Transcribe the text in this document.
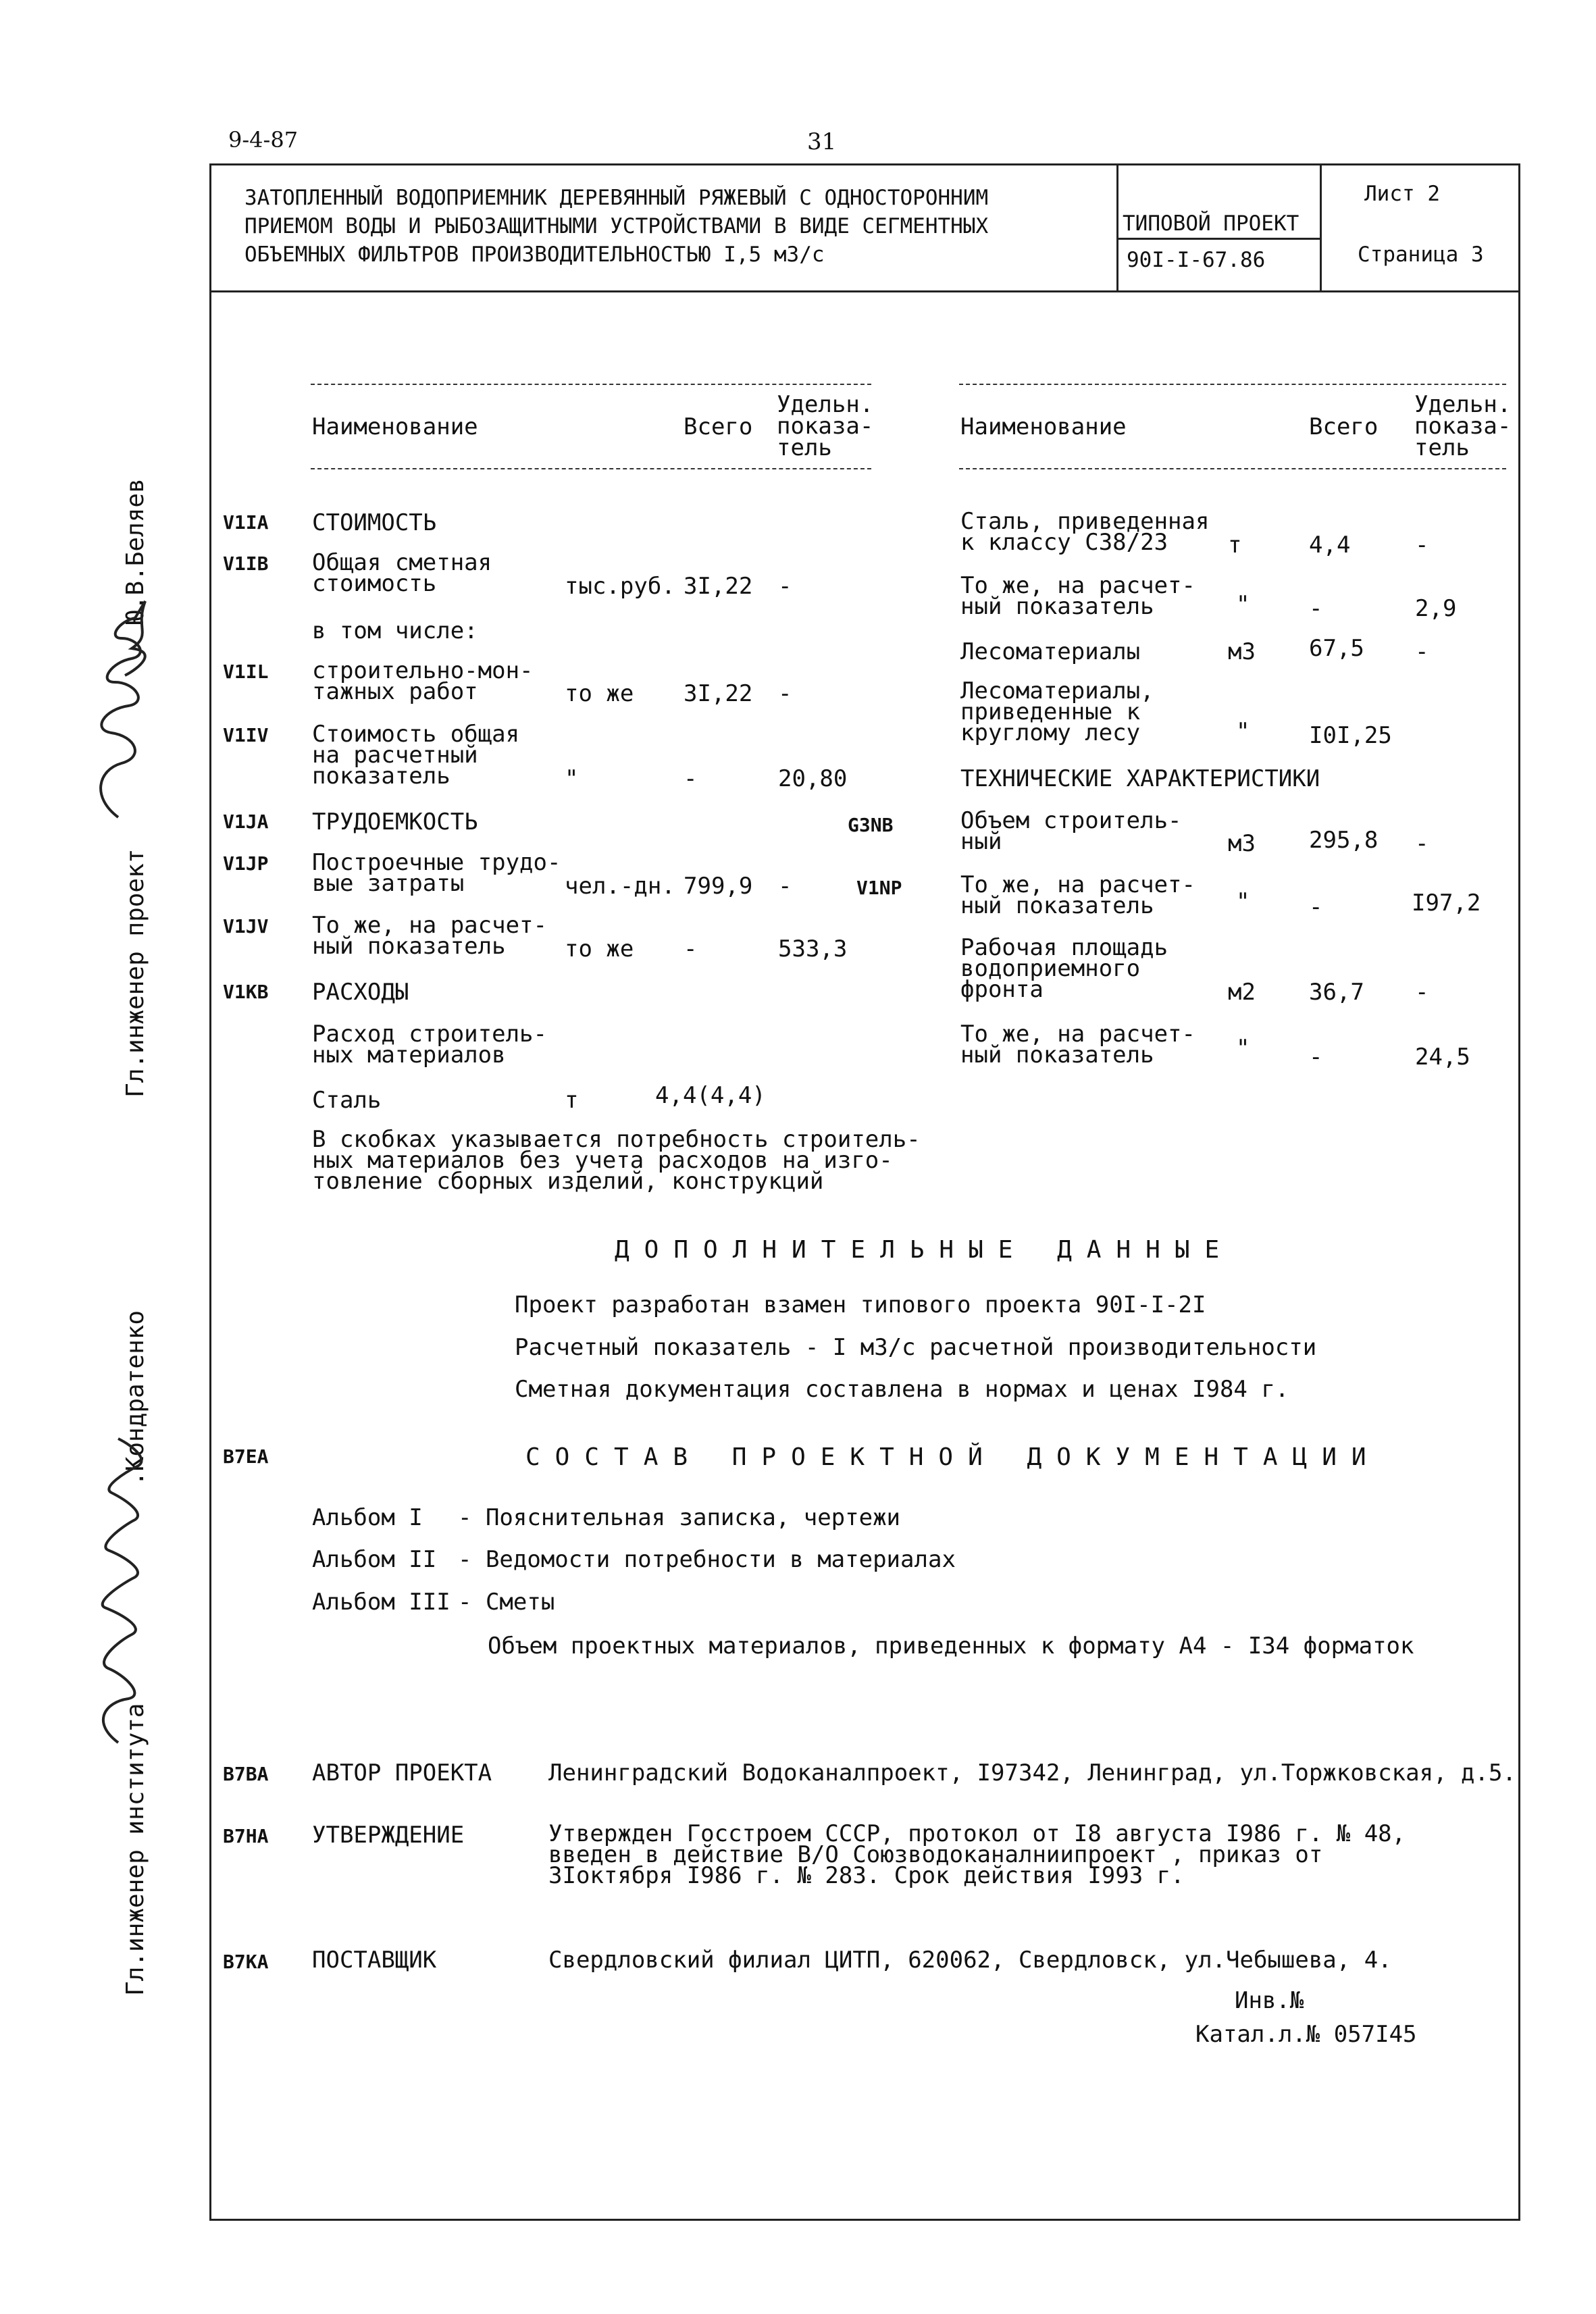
9-4-87	31
ЗАТОПЛЕННЫЙ ВОДОПРИЕМНИК ДЕРЕВЯННЫЙ РЯЖЕВЫЙ С ОДНОСТОРОННИМ
ПРИЕМОМ ВОДЫ И РЫБОЗАЩИТНЫМИ УСТРОЙСТВАМИ В ВИДЕ СЕГМЕНТНЫХ
ОБЪЕМНЫХ ФИЛЬТРОВ ПРОИЗВОДИТЕЛЬНОСТЬЮ I,5 м3/с
ТИПОВОЙ ПРОЕКТ
90I-I-67.86
Лист 2
Страница 3
Гл.инженер проект
Ю.В.Беляев
Гл.инженер института
.Кондратенко
Наименование	Всего
Удельн.
показа-
тель
Наименование	Всего
Удельн.
показа-
тель
V1IA СТОИМОСТЬ
V1IB Общая сметная
стоимость	тыс.руб. 3I,22 -
в том числе:
V1IL строительно-мон-
тажных работ	то же 3I,22 -
V1IV Стоимость общая
на расчетный
показатель	"	-	20,80
V1JA ТРУДОЕМКОСТЬ
V1JP Построечные трудо-
вые затраты	чел.-дн. 799,9 -
V1JV То же, на расчет-
ный показатель	то же -	533,3
V1KB РАСХОДЫ
Расход строитель-
ных материалов
Сталь	т	4,4(4,4)
В скобках указывается потребность строитель-
ных материалов без учета расходов на изго-
товление сборных изделий, конструкций
G3NB
V1NP
Сталь, приведенная
к классу С38/23	т	4,4	-
То же, на расчет-
ный показатель	"	-	2,9
Лесоматериалы	м3 67,5 -
Лесоматериалы,
приведенные к
круглому лесу	"	I0I,25
ТЕХНИЧЕСКИЕ ХАРАКТЕРИСТИКИ
Объем строитель-
ный	м3 295,8 -
То же, на расчет-
ный показатель	"	-	I97,2
Рабочая площадь
водоприемного
фронта	м2 36,7 -
То же, на расчет-
ный показатель	"	-	24,5
ДОПОЛНИТЕЛЬНЫЕ ДАННЫЕ
Проект разработан взамен типового проекта 90I-I-2I
Расчетный показатель - I м3/с расчетной производительности
Сметная документация составлена в нормах и ценах I984 г.
B7ЕА	СОСТАВ ПРОЕКТНОЙ ДОКУМЕНТАЦИИ
Альбом I - Пояснительная записка, чертежи
Альбом II - Ведомости потребности в материалах
Альбом III - Сметы
Объем проектных материалов, приведенных к формату А4 - I34 форматок
B7ВА АВТОР ПРОЕКТА Ленинградский Водоканалпроект, I97342, Ленинград, ул.Торжковская, д.5.
B7НА УТВЕРЖДЕНИЕ	Утвержден Госстроем СССР, протокол от I8 августа I986 г. № 48,
введен в действие В/О Союзводоканалниипроект , приказ от
3Iоктября I986 г. № 283. Срок действия I993 г.
B7КА ПОСТАВЩИК	Свердловский филиал ЦИТП, 620062, Свердловск, ул.Чебышева, 4.
Инв.№
Катал.л.№ 057I45
